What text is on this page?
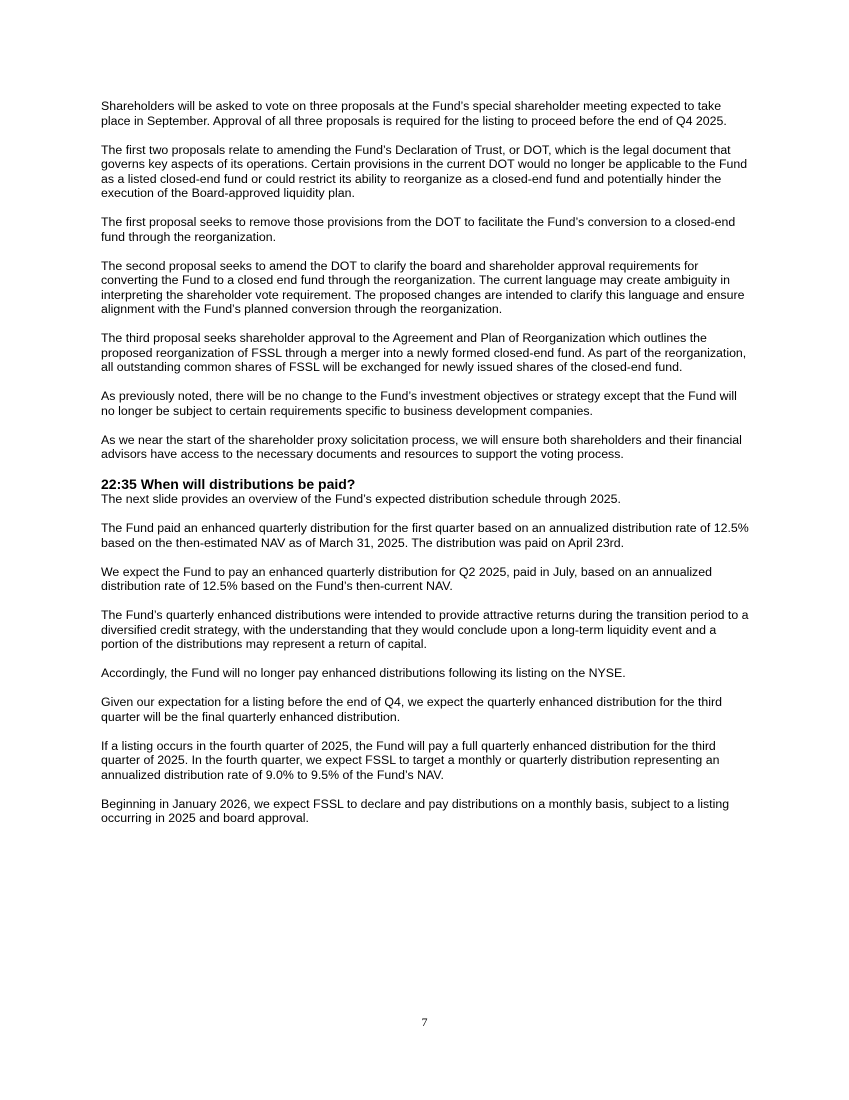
Shareholders will be asked to vote on three proposals at the Fund’s special shareholder meeting expected to take place in September. Approval of all three proposals is required for the listing to proceed before the end of Q4 2025.

The first two proposals relate to amending the Fund’s Declaration of Trust, or DOT, which is the legal document that governs key aspects of its operations. Certain provisions in the current DOT would no longer be applicable to the Fund as a listed closed-end fund or could restrict its ability to reorganize as a closed-end fund and potentially hinder the execution of the Board-approved liquidity plan.

The first proposal seeks to remove those provisions from the DOT to facilitate the Fund’s conversion to a closed-end fund through the reorganization.

The second proposal seeks to amend the DOT to clarify the board and shareholder approval requirements for converting the Fund to a closed end fund through the reorganization. The current language may create ambiguity in interpreting the shareholder vote requirement. The proposed changes are intended to clarify this language and ensure alignment with the Fund’s planned conversion through the reorganization.

The third proposal seeks shareholder approval to the Agreement and Plan of Reorganization which outlines the proposed reorganization of FSSL through a merger into a newly formed closed-end fund. As part of the reorganization, all outstanding common shares of FSSL will be exchanged for newly issued shares of the closed-end fund.

As previously noted, there will be no change to the Fund’s investment objectives or strategy except that the Fund will no longer be subject to certain requirements specific to business development companies.

As we near the start of the shareholder proxy solicitation process, we will ensure both shareholders and their financial advisors have access to the necessary documents and resources to support the voting process.

22:35 When will distributions be paid?

The next slide provides an overview of the Fund’s expected distribution schedule through 2025.

The Fund paid an enhanced quarterly distribution for the first quarter based on an annualized distribution rate of 12.5% based on the then-estimated NAV as of March 31, 2025. The distribution was paid on April 23rd.

We expect the Fund to pay an enhanced quarterly distribution for Q2 2025, paid in July, based on an annualized distribution rate of 12.5% based on the Fund’s then-current NAV.

The Fund’s quarterly enhanced distributions were intended to provide attractive returns during the transition period to a diversified credit strategy, with the understanding that they would conclude upon a long-term liquidity event and a portion of the distributions may represent a return of capital.

Accordingly, the Fund will no longer pay enhanced distributions following its listing on the NYSE.

Given our expectation for a listing before the end of Q4, we expect the quarterly enhanced distribution for the third quarter will be the final quarterly enhanced distribution.

If a listing occurs in the fourth quarter of 2025, the Fund will pay a full quarterly enhanced distribution for the third quarter of 2025. In the fourth quarter, we expect FSSL to target a monthly or quarterly distribution representing an annualized distribution rate of 9.0% to 9.5% of the Fund’s NAV.

Beginning in January 2026, we expect FSSL to declare and pay distributions on a monthly basis, subject to a listing occurring in 2025 and board approval.

7
